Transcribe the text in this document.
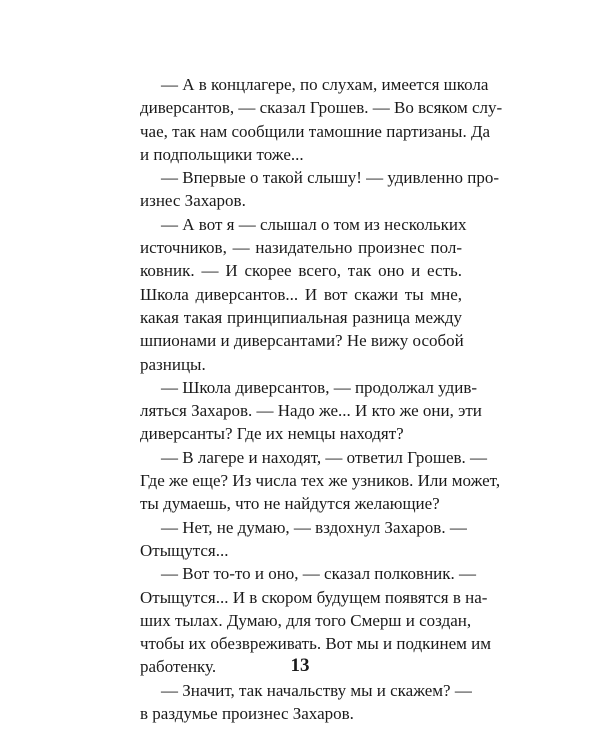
— А в концлагере, по слухам, имеется школа
диверсантов, — сказал Грошев. — Во всяком слу-
чае, так нам сообщили тамошние партизаны. Да
и подпольщики тоже...
— Впервые о такой слышу! — удивленно про-
изнес Захаров.
— А вот я — слышал о том из нескольких
источников, — назидательно произнес пол-
ковник. — И скорее всего, так оно и есть.
Школа диверсантов... И вот скажи ты мне,
какая такая принципиальная разница между
шпионами и диверсантами? Не вижу особой
разницы.
— Школа диверсантов, — продолжал удив-
ляться Захаров. — Надо же... И кто же они, эти
диверсанты? Где их немцы находят?
— В лагере и находят, — ответил Грошев. —
Где же еще? Из числа тех же узников. Или может,
ты думаешь, что не найдутся желающие?
— Нет, не думаю, — вздохнул Захаров. —
Отыщутся...
— Вот то-то и оно, — сказал полковник. —
Отыщутся... И в скором будущем появятся в на-
ших тылах. Думаю, для того Смерш и создан,
чтобы их обезвреживать. Вот мы и подкинем им
работенку.
— Значит, так начальству мы и скажем? —
в раздумье произнес Захаров.
13
